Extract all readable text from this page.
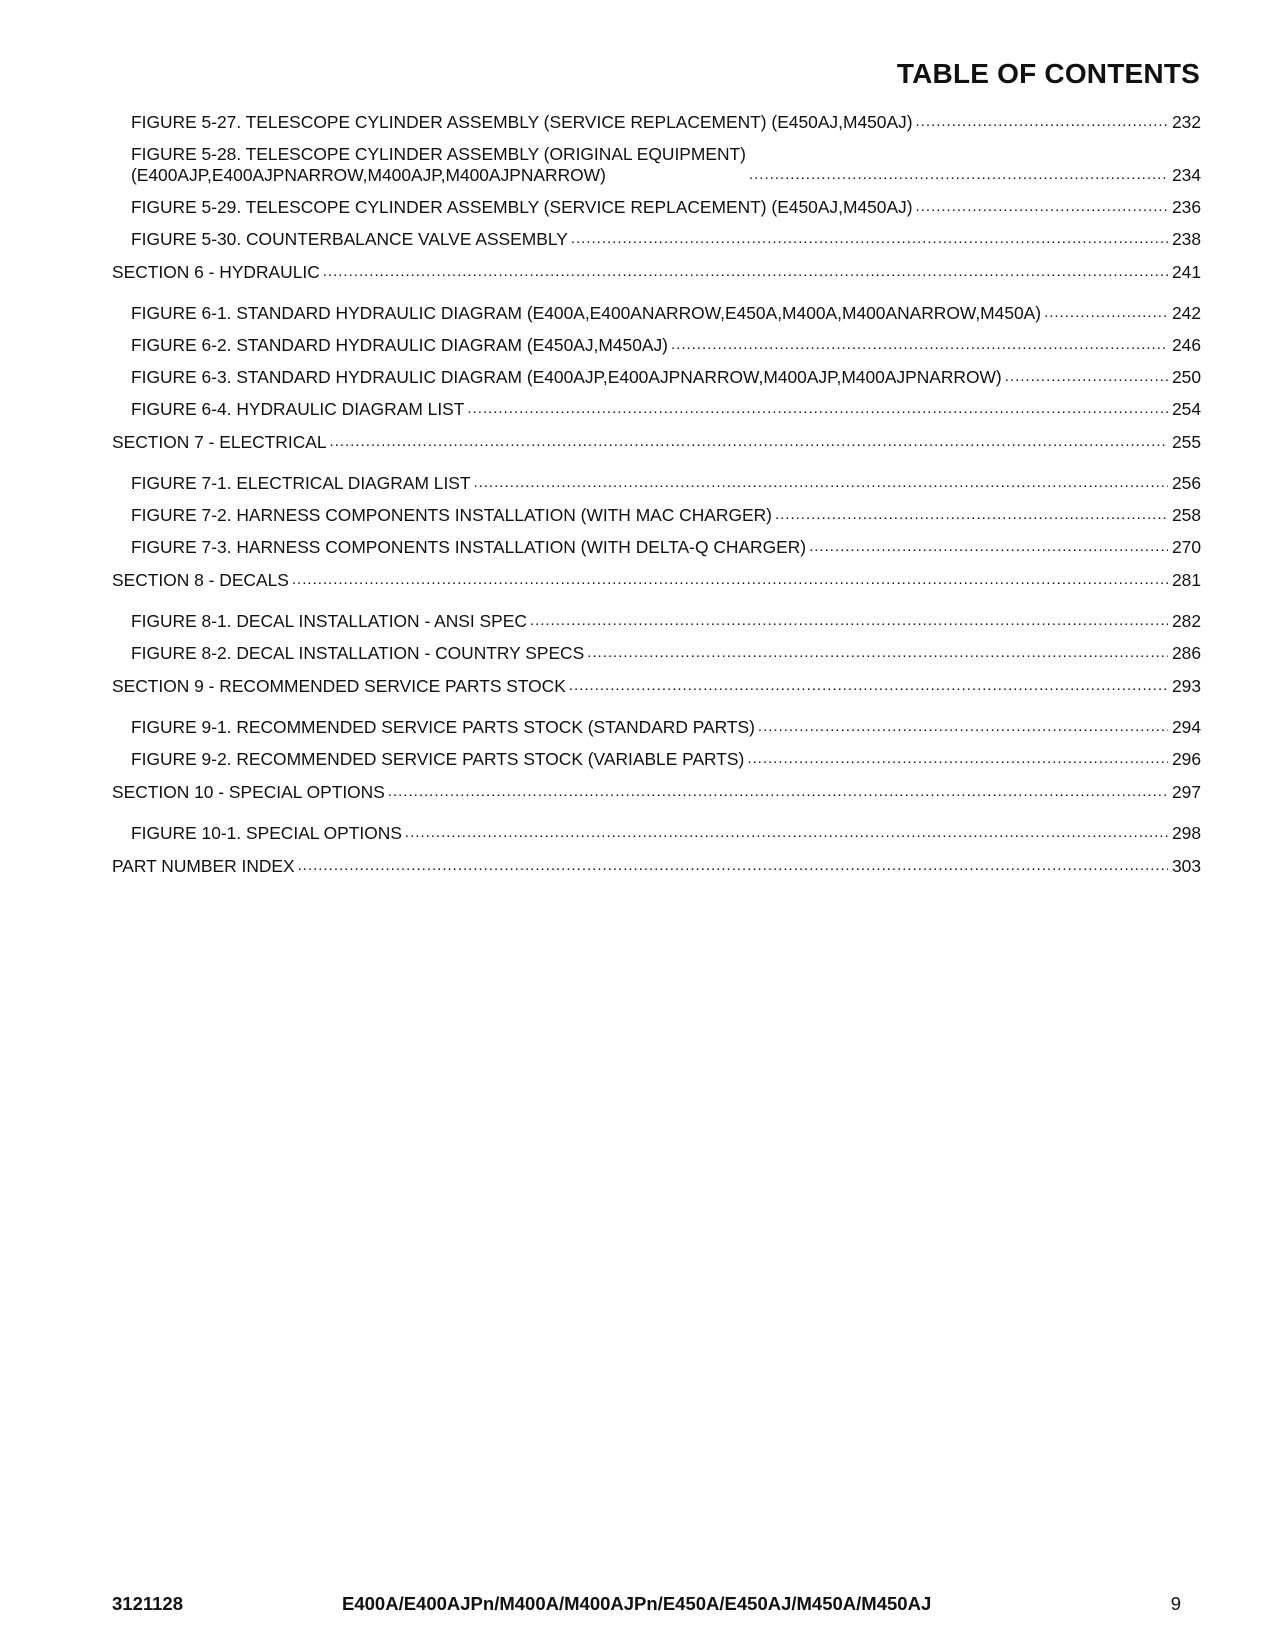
TABLE OF CONTENTS
FIGURE 5-27. TELESCOPE CYLINDER ASSEMBLY (SERVICE REPLACEMENT) (E450AJ,M450AJ) .....	232
FIGURE 5-28. TELESCOPE CYLINDER ASSEMBLY (ORIGINAL EQUIPMENT)
(E400AJP,E400AJPNARROW,M400AJP,M400AJPNARROW) .....	234
FIGURE 5-29. TELESCOPE CYLINDER ASSEMBLY (SERVICE REPLACEMENT) (E450AJ,M450AJ) .....	236
FIGURE 5-30. COUNTERBALANCE VALVE ASSEMBLY .....	238
SECTION 6 - HYDRAULIC .....	241
FIGURE 6-1. STANDARD HYDRAULIC DIAGRAM (E400A,E400ANARROW,E450A,M400A,M400ANARROW,M450A) .....	242
FIGURE 6-2. STANDARD HYDRAULIC DIAGRAM (E450AJ,M450AJ) .....	246
FIGURE 6-3. STANDARD HYDRAULIC DIAGRAM (E400AJP,E400AJPNARROW,M400AJP,M400AJPNARROW) .....	250
FIGURE 6-4. HYDRAULIC DIAGRAM LIST .....	254
SECTION 7 - ELECTRICAL .....	255
FIGURE 7-1. ELECTRICAL DIAGRAM LIST .....	256
FIGURE 7-2. HARNESS COMPONENTS INSTALLATION (WITH MAC CHARGER) .....	258
FIGURE 7-3. HARNESS COMPONENTS INSTALLATION (WITH DELTA-Q CHARGER) .....	270
SECTION 8 - DECALS .....	281
FIGURE 8-1. DECAL INSTALLATION - ANSI SPEC .....	282
FIGURE 8-2. DECAL INSTALLATION - COUNTRY SPECS .....	286
SECTION 9 - RECOMMENDED SERVICE PARTS STOCK .....	293
FIGURE 9-1. RECOMMENDED SERVICE PARTS STOCK (STANDARD PARTS) .....	294
FIGURE 9-2. RECOMMENDED SERVICE PARTS STOCK (VARIABLE PARTS) .....	296
SECTION 10 - SPECIAL OPTIONS .....	297
FIGURE 10-1. SPECIAL OPTIONS .....	298
PART NUMBER INDEX .....	303
3121128	E400A/E400AJPn/M400A/M400AJPn/E450A/E450AJ/M450A/M450AJ	9
